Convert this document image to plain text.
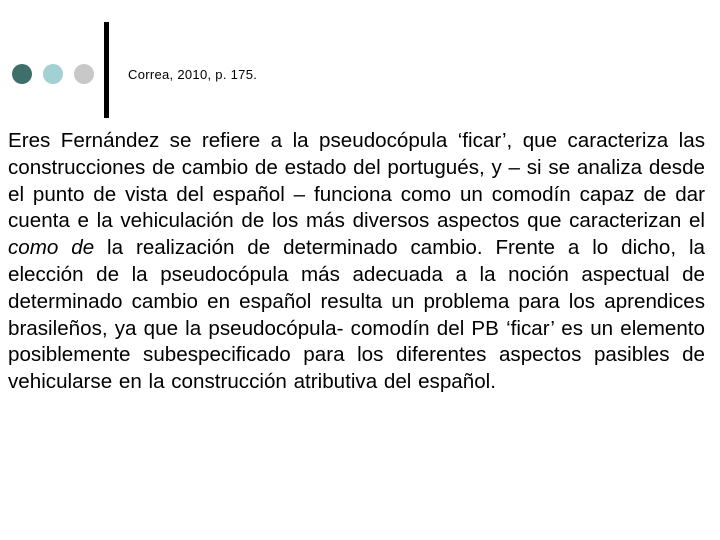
Correa, 2010, p. 175.

Eres Fernández se refiere a la pseudocópula ‘ficar’, que caracteriza las construcciones de cambio de estado del portugués, y – si se analiza desde el punto de vista del español – funciona como un comodín capaz de dar cuenta e la vehiculación de los más diversos aspectos que caracterizan el como de la realización de determinado cambio. Frente a lo dicho, la elección de la pseudocópula más adecuada a la noción aspectual de determinado cambio en español resulta un problema para los aprendices brasileños, ya que la pseudocópula- comodín del PB ‘ficar’ es un elemento posiblemente subespecificado para los diferentes aspectos pasibles de vehicularse en la construcción atributiva del español.
